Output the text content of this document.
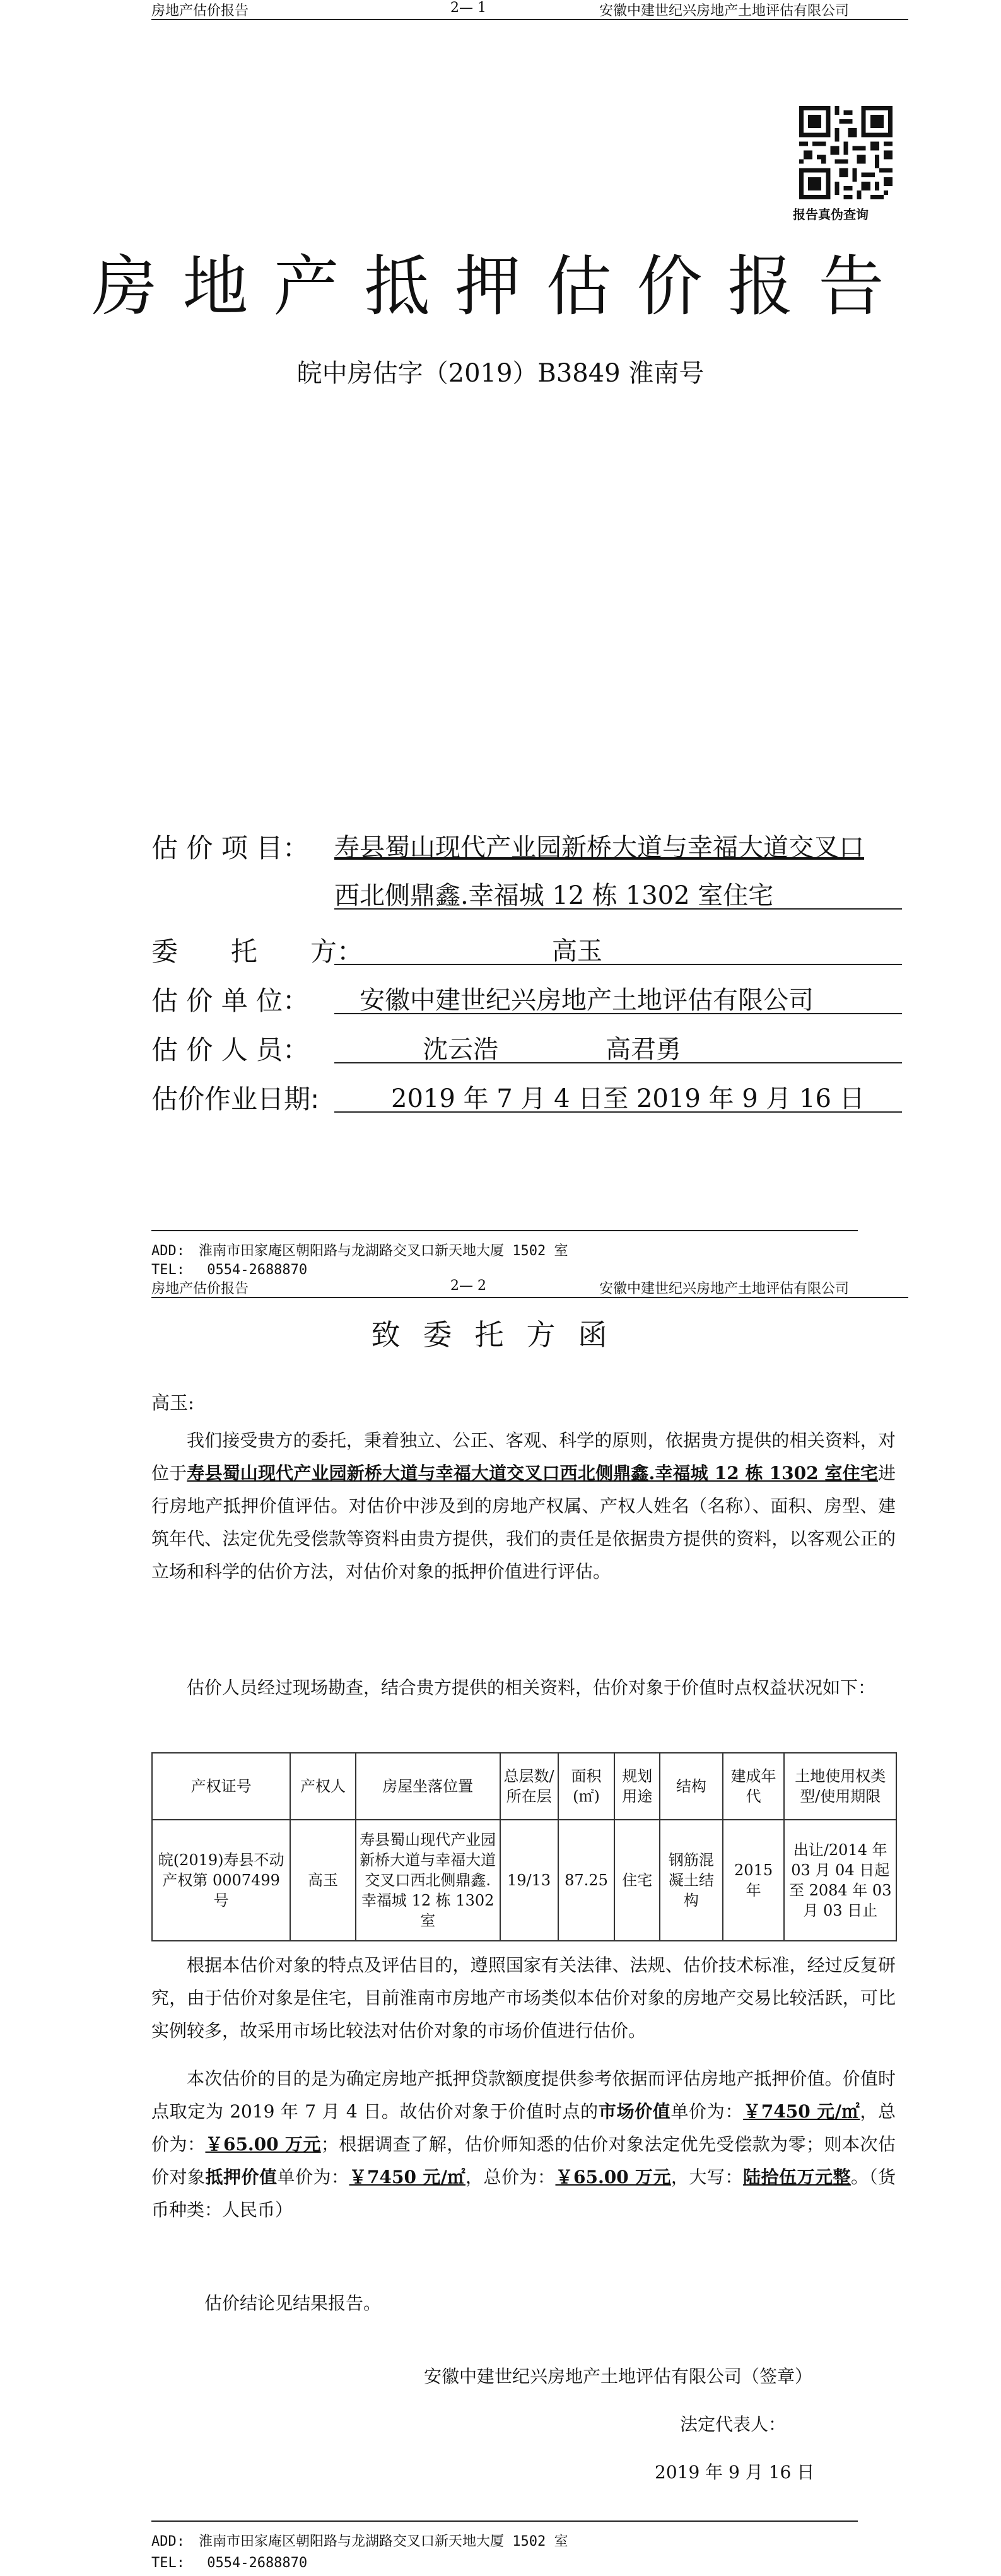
房地产估价报告	2— 1	安徽中建世纪兴房地产土地评估有限公司
报告真伪查询
房地产抵押估价报告
皖中房估字（2019）B3849 淮南号
估 价 项 目： 寿县蜀山现代产业园新桥大道与幸福大道交叉口
西北侧鼎鑫.幸福城 12 栋 1302 室住宅
委　　托　　方：	高玉
估 价 单 位： 安徽中建世纪兴房地产土地评估有限公司
估 价 人 员：	沈云浩	高君勇
估价作业日期:	2019 年 7 月 4 日至 2019 年 9 月 16 日
ADD:　淮南市田家庵区朝阳路与龙湖路交叉口新天地大厦 1502 室
TEL:　 0554-2688870
房地产估价报告	2— 2	安徽中建世纪兴房地产土地评估有限公司
致委托方函
高玉:
我们接受贵方的委托，秉着独立、公正、客观、科学的原则，依据贵方提供的相关资料，对位于寿县蜀山现代产业园新桥大道与幸福大道交叉口西北侧鼎鑫.幸福城 12 栋 1302 室住宅进行房地产抵押价值评估。对估价中涉及到的房地产权属、产权人姓名（名称）、面积、房型、建筑年代、法定优先受偿款等资料由贵方提供，我们的责任是依据贵方提供的资料，以客观公正的立场和科学的估价方法，对估价对象的抵押价值进行评估。
估价人员经过现场勘查，结合贵方提供的相关资料，估价对象于价值时点权益状况如下：
产权证号	产权人	房屋坐落位置	总层数/所在层	面积(㎡)	规划用途	结构	建成年代	土地使用权类型/使用期限
皖(2019)寿县不动产权第 0007499 号	高玉	寿县蜀山现代产业园新桥大道与幸福大道交叉口西北侧鼎鑫.幸福城 12 栋 1302 室	19/13	87.25	住宅	钢筋混凝土结构	2015 年	出让/2014 年 03 月 04 日起至 2084 年 03 月 03 日止
根据本估价对象的特点及评估目的，遵照国家有关法律、法规、估价技术标准，经过反复研究，由于估价对象是住宅，目前淮南市房地产市场类似本估价对象的房地产交易比较活跃，可比实例较多，故采用市场比较法对估价对象的市场价值进行估价。
本次估价的目的是为确定房地产抵押贷款额度提供参考依据而评估房地产抵押价值。价值时点取定为 2019 年 7 月 4 日。故估价对象于价值时点的市场价值单价为：￥7450 元/㎡，总价为：￥65.00 万元；根据调查了解，估价师知悉的估价对象法定优先受偿款为零；则本次估价对象抵押价值单价为：￥7450 元/㎡，总价为：￥65.00 万元，大写：陆拾伍万元整。（货币种类：人民币）
估价结论见结果报告。
安徽中建世纪兴房地产土地评估有限公司（签章）
法定代表人：
2019 年 9 月 16 日
ADD:　淮南市田家庵区朝阳路与龙湖路交叉口新天地大厦 1502 室
TEL:　 0554-2688870
